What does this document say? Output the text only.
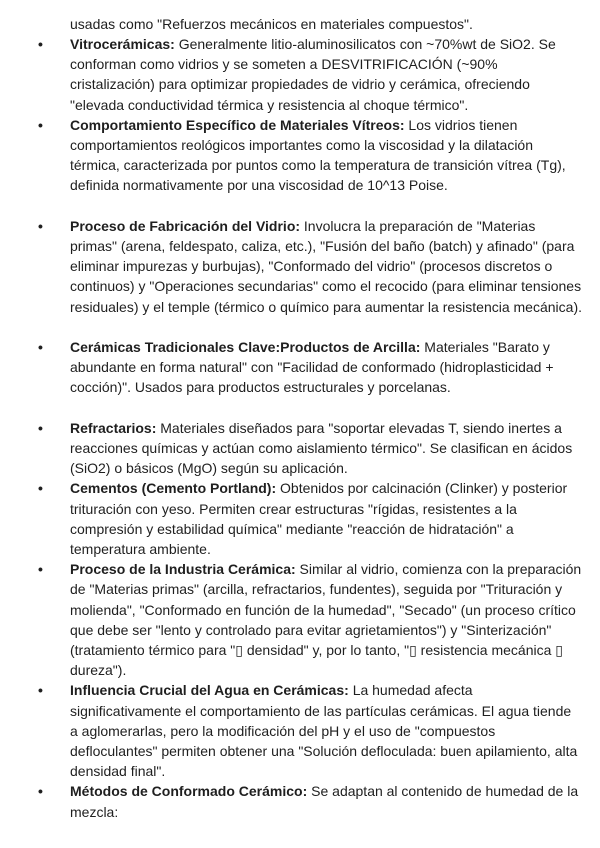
usadas como "Refuerzos mecánicos en materiales compuestos".

• Vitrocerámicas: Generalmente litio-aluminosilicatos con ~70%wt de SiO2. Se conforman como vidrios y se someten a DESVITRIFICACIÓN (~90% cristalización) para optimizar propiedades de vidrio y cerámica, ofreciendo "elevada conductividad térmica y resistencia al choque térmico".
• Comportamiento Específico de Materiales Vítreos: Los vidrios tienen comportamientos reológicos importantes como la viscosidad y la dilatación térmica, caracterizada por puntos como la temperatura de transición vítrea (Tg), definida normativamente por una viscosidad de 10^13 Poise.
• Proceso de Fabricación del Vidrio: Involucra la preparación de "Materias primas" (arena, feldespato, caliza, etc.), "Fusión del baño (batch) y afinado" (para eliminar impurezas y burbujas), "Conformado del vidrio" (procesos discretos o continuos) y "Operaciones secundarias" como el recocido (para eliminar tensiones residuales) y el temple (térmico o químico para aumentar la resistencia mecánica).
• Cerámicas Tradicionales Clave:Productos de Arcilla: Materiales "Barato y abundante en forma natural" con "Facilidad de conformado (hidroplasticidad + cocción)". Usados para productos estructurales y porcelanas.
• Refractarios: Materiales diseñados para "soportar elevadas T, siendo inertes a reacciones químicas y actúan como aislamiento térmico". Se clasifican en ácidos (SiO2) o básicos (MgO) según su aplicación.
• Cementos (Cemento Portland): Obtenidos por calcinación (Clinker) y posterior trituración con yeso. Permiten crear estructuras "rígidas, resistentes a la compresión y estabilidad química" mediante "reacción de hidratación" a temperatura ambiente.
• Proceso de la Industria Cerámica: Similar al vidrio, comienza con la preparación de "Materias primas" (arcilla, refractarios, fundentes), seguida por "Trituración y molienda", "Conformado en función de la humedad", "Secado" (un proceso crítico que debe ser "lento y controlado para evitar agrietamientos") y "Sinterización" (tratamiento térmico para "▯ densidad" y, por lo tanto, "▯ resistencia mecánica ▯ dureza").
• Influencia Crucial del Agua en Cerámicas: La humedad afecta significativamente el comportamiento de las partículas cerámicas. El agua tiende a aglomerarlas, pero la modificación del pH y el uso de "compuestos defloculantes" permiten obtener una "Solución defloculada: buen apilamiento, alta densidad final".
• Métodos de Conformado Cerámico: Se adaptan al contenido de humedad de la mezcla:
